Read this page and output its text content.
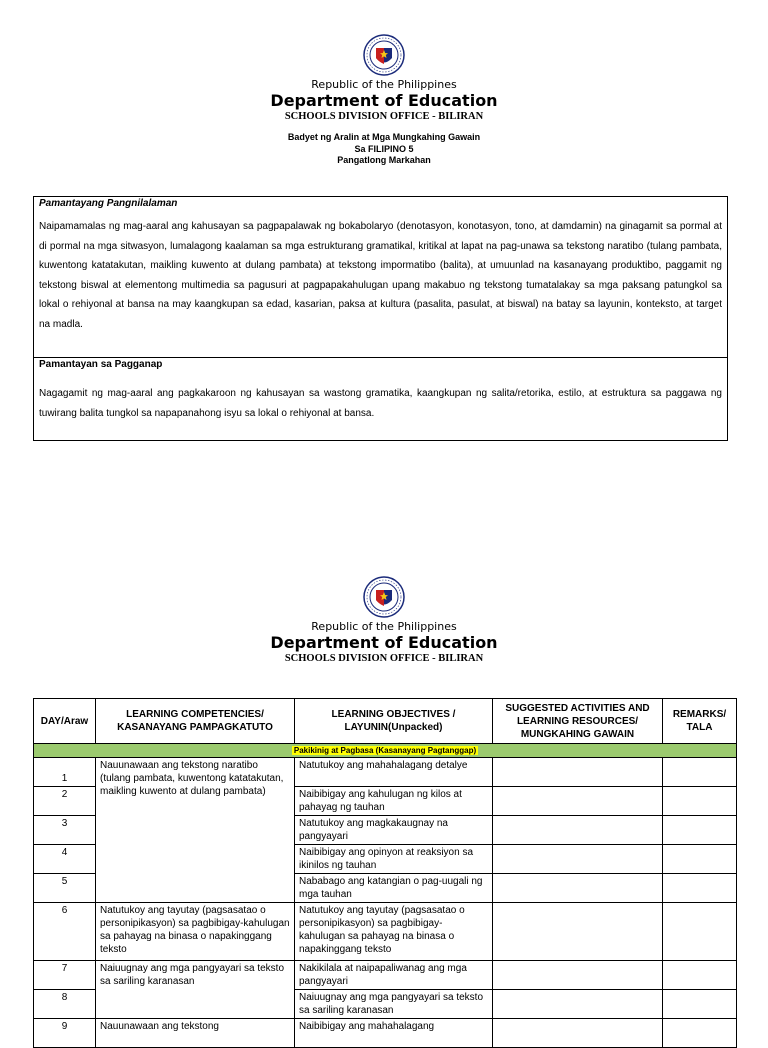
Republic of the Philippines
Department of Education
SCHOOLS DIVISION OFFICE - BILIRAN
Badyet ng Aralin at Mga Mungkahing Gawain
Sa FILIPINO 5
Pangatlong Markahan
Pamantayang Pangnilalaman
Naipamamalas ng mag-aaral ang kahusayan sa pagpapalawak ng bokabolaryo (denotasyon, konotasyon, tono, at damdamin) na ginagamit sa pormal at di pormal na mga sitwasyon, lumalagong kaalaman sa mga estrukturang gramatikal, kritikal at lapat na pag-unawa sa tekstong naratibo (tulang pambata, kuwentong katatakutan, maikling kuwento at dulang pambata) at tekstong impormatibo (balita), at umuunlad na kasanayang produktibo, paggamit ng tekstong biswal at elementong multimedia sa pagusuri at pagpapakahulugan upang makabuo ng tekstong tumatalakay sa mga paksang patungkol sa lokal o rehiyonal at bansa na may kaangkupan sa edad, kasarian, paksa at kultura (pasalita, pasulat, at biswal) na batay sa layunin, konteksto, at target na madla.
Pamantayan sa Pagganap
Nagagamit ng mag-aaral ang pagkakaroon ng kahusayan sa wastong gramatika, kaangkupan ng salita/retorika, estilo, at estruktura sa paggawa ng tuwirang balita tungkol sa napapanahong isyu sa lokal o rehiyonal at bansa.
Republic of the Philippines
Department of Education
SCHOOLS DIVISION OFFICE - BILIRAN
DAY/Araw	LEARNING COMPETENCIES/ KASANAYANG PAMPAGKATUTO	LEARNING OBJECTIVES / LAYUNIN(Unpacked)	SUGGESTED ACTIVITIES AND LEARNING RESOURCES/ MUNGKAHING GAWAIN	REMARKS/ TALA
Pakikinig at Pagbasa (Kasanayang Pagtanggap)				
1	Nauunawaan ang tekstong naratibo (tulang pambata, kuwentong katatakutan, maikling kuwento at dulang pambata)	Natutukoy ang mahahalagang detalye		
2		Naibibigay ang kahulugan ng kilos at pahayag ng tauhan		
3		Natutukoy ang magkakaugnay na pangyayari		
4		Naibibigay ang opinyon at reaksiyon sa ikinilos ng tauhan		
5		Nababago ang katangian o pag-uugali ng mga tauhan		
6	Natutukoy ang tayutay (pagsasatao o personipikasyon) sa pagbibigay-kahulugan sa pahayag na binasa o napakinggang teksto	Natutukoy ang tayutay (pagsasatao o personipikasyon) sa pagbibigay-kahulugan sa pahayag na binasa o napakinggang teksto		
7	Naiuugnay ang mga pangyayari sa teksto sa sariling karanasan	Nakikilala at naipapaliwanag ang mga pangyayari		
8		Naiuugnay ang mga pangyayari sa teksto sa sariling karanasan		
9	Nauunawaan ang tekstong	Naibibigay ang mahahalagang		
